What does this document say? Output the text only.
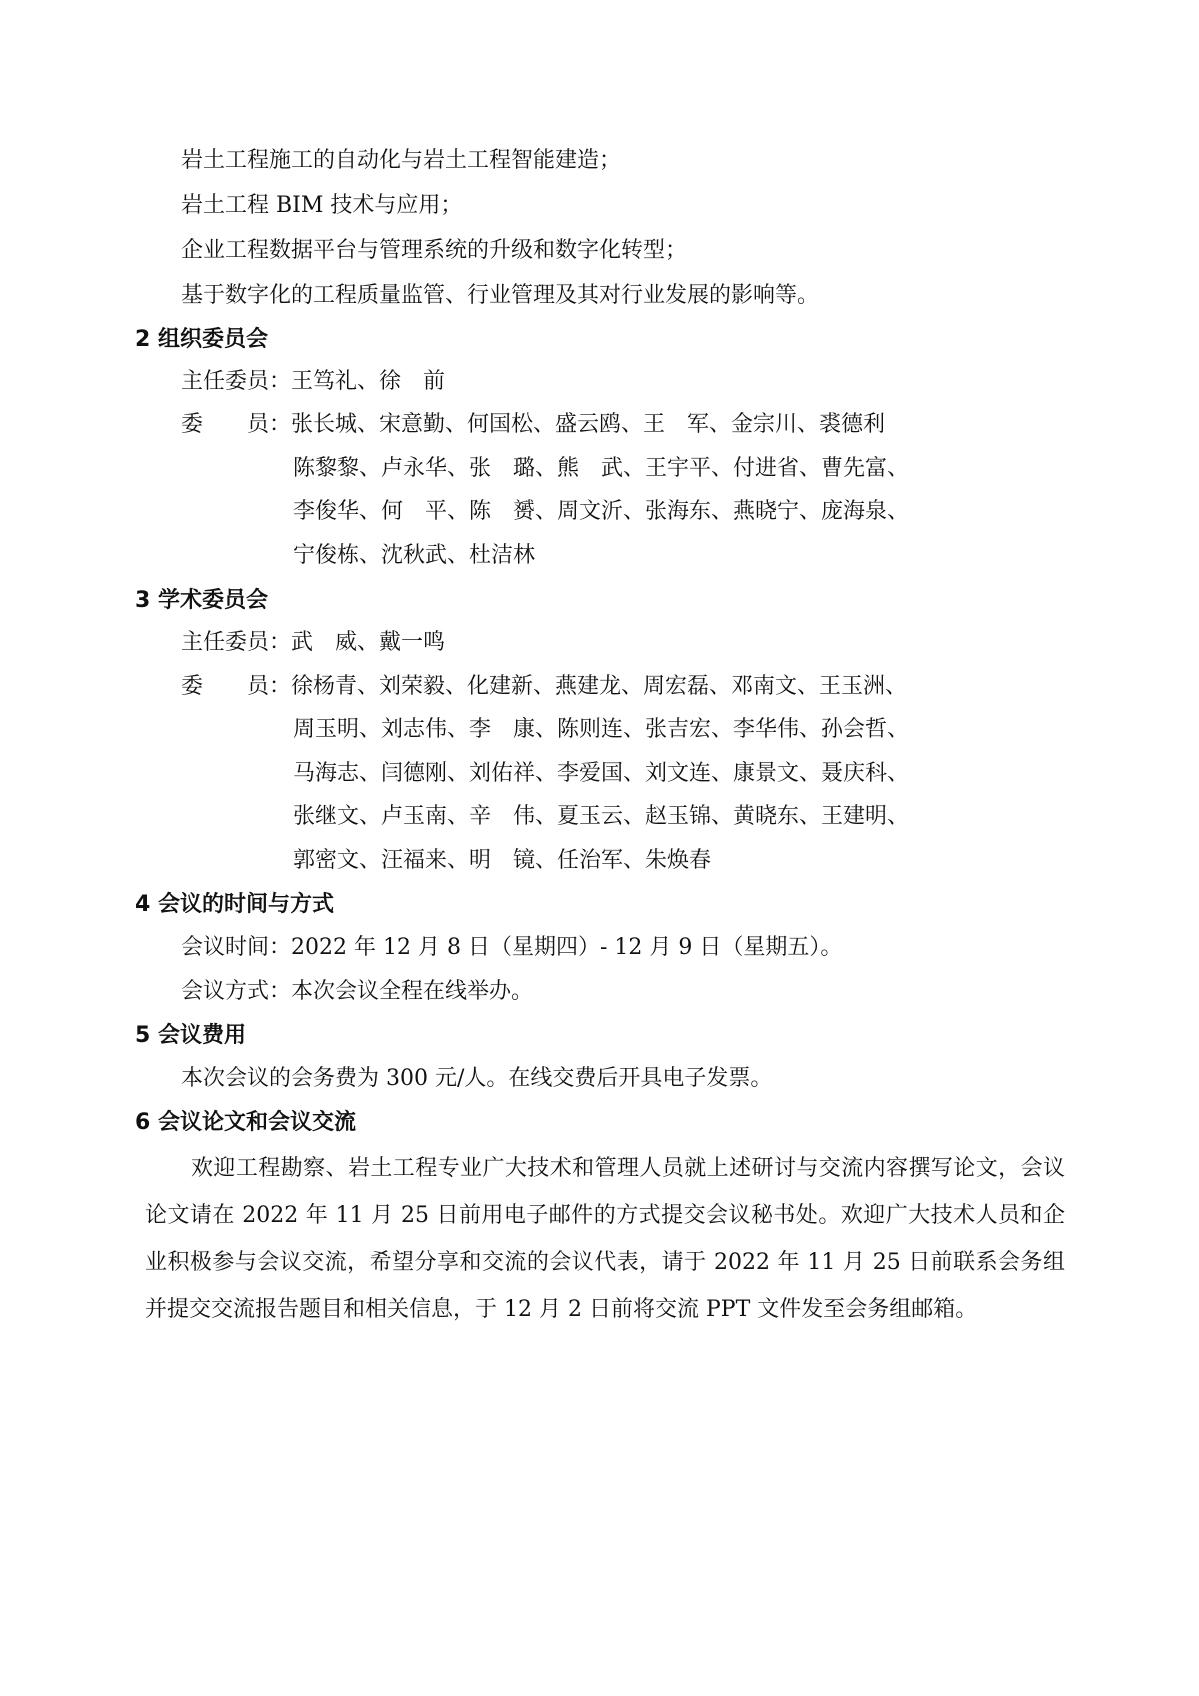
岩土工程施工的自动化与岩土工程智能建造；
岩土工程 BIM 技术与应用；
企业工程数据平台与管理系统的升级和数字化转型；
基于数字化的工程质量监管、行业管理及其对行业发展的影响等。
2 组织委员会
主任委员：王笃礼、徐　前
委　　员：张长城、宋意勤、何国松、盛云鸥、王　军、金宗川、裘德利
陈黎黎、卢永华、张　璐、熊　武、王宇平、付进省、曹先富、
李俊华、何　平、陈　赟、周文沂、张海东、燕晓宁、庞海泉、
宁俊栋、沈秋武、杜洁林
3 学术委员会
主任委员：武　威、戴一鸣
委　　员：徐杨青、刘荣毅、化建新、燕建龙、周宏磊、邓南文、王玉洲、
周玉明、刘志伟、李　康、陈则连、张吉宏、李华伟、孙会哲、
马海志、闫德刚、刘佑祥、李爱国、刘文连、康景文、聂庆科、
张继文、卢玉南、辛　伟、夏玉云、赵玉锦、黄晓东、王建明、
郭密文、汪福来、明　镜、任治军、朱焕春
4 会议的时间与方式
会议时间：2022 年 12 月 8 日（星期四）- 12 月 9 日（星期五）。
会议方式：本次会议全程在线举办。
5 会议费用
本次会议的会务费为 300 元/人。在线交费后开具电子发票。
6 会议论文和会议交流
欢迎工程勘察、岩土工程专业广大技术和管理人员就上述研讨与交流内容撰写论文，会议论文请在 2022 年 11 月 25 日前用电子邮件的方式提交会议秘书处。欢迎广大技术人员和企业积极参与会议交流，希望分享和交流的会议代表，请于 2022 年 11 月 25 日前联系会务组并提交交流报告题目和相关信息，于 12 月 2 日前将交流 PPT 文件发至会务组邮箱。
